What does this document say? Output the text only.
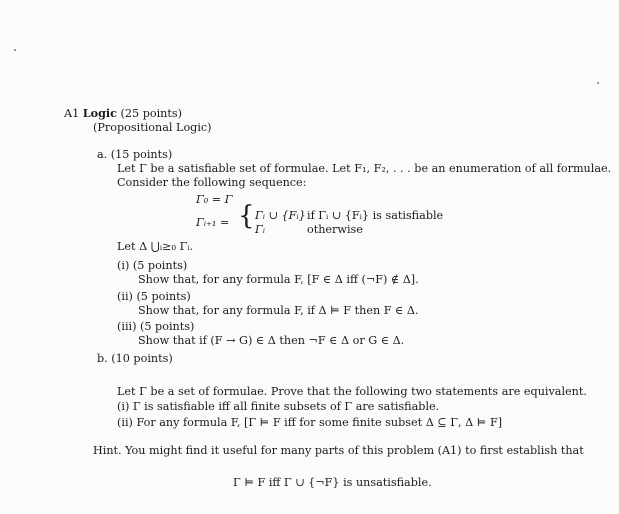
A1 Logic (25 points)
(Propositional Logic)
a. (15 points)
Let Γ be a satisfiable set of formulae. Let F₁, F₂, . . . be an enumeration of all formulae.
Consider the following sequence:
Γ₀ = Γ
Γᵢ₊₁ = { Γᵢ ∪ {Fᵢ} if Γᵢ ∪ {Fᵢ} is satisfiable
Γᵢ	otherwise
Let Δ ⋃ᵢ≥₀ Γᵢ.
(i) (5 points)
Show that, for any formula F, [F ∈ Δ iff (¬F) ∉ Δ].
(ii) (5 points)
Show that, for any formula F, if Δ ⊨ F then F ∈ Δ.
(iii) (5 points)
Show that if (F → G) ∈ Δ then ¬F ∈ Δ or G ∈ Δ.
b. (10 points)
Let Γ be a set of formulae. Prove that the following two statements are equivalent.
(i) Γ is satisfiable iff all finite subsets of Γ are satisfiable.
(ii) For any formula F, [Γ ⊨ F iff for some finite subset Δ ⊆ Γ, Δ ⊨ F]
Hint. You might find it useful for many parts of this problem (A1) to first establish that
Γ ⊨ F iff Γ ∪ {¬F} is unsatisfiable.
